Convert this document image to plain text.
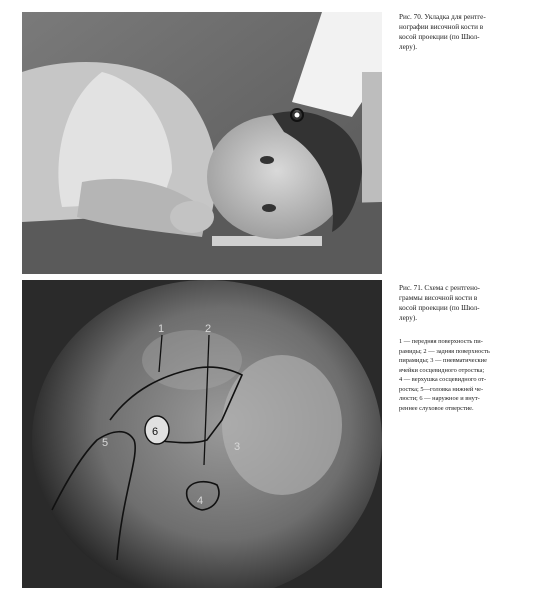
Рис. 70. Укладка для рентге-
нографии височной кости в
косой проекции (по Шюл-
леру).
1	2
3
4
5
6
Рис. 71. Схема с рентгено-
граммы височной кости в
косой проекции (по Шюл-
леру).
1 — передняя поверхность пи-
рамиды; 2 — задняя поверхность
пирамиды; 3 — пневматические
ячейки сосцевидного отростка;
4 — верхушка сосцевидного от-
ростка; 5—головка нижней че-
люсти; 6 — наружное и внут-
реннее слуховое отверстие.
